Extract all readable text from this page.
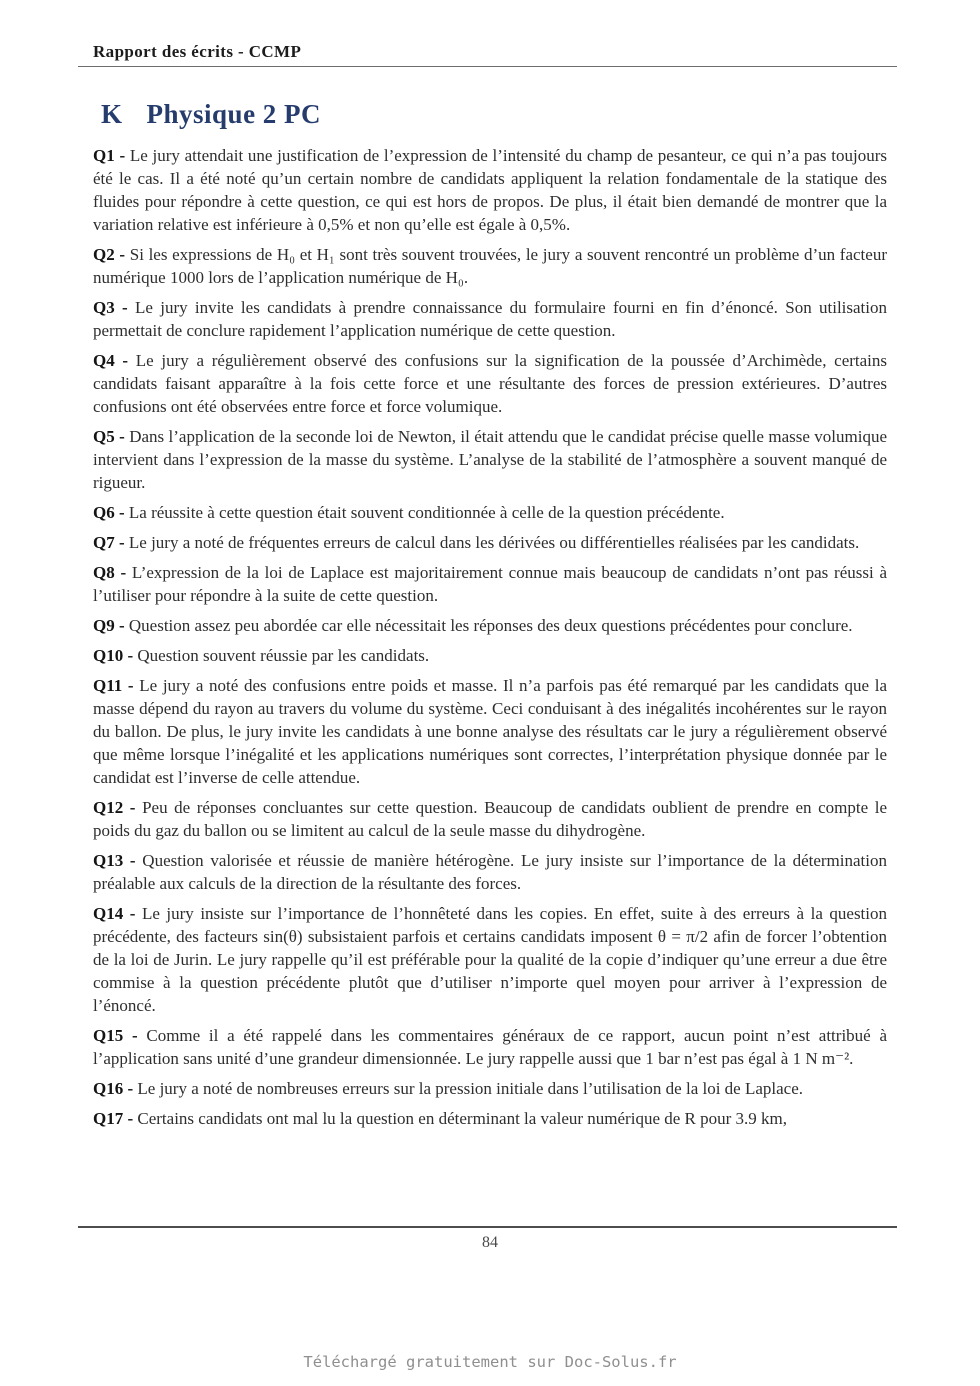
Rapport des écrits - CCMP
K Physique 2 PC

Q1 - Le jury attendait une justification de l’expression de l’intensité du champ de pesanteur, ce qui n’a pas toujours été le cas. Il a été noté qu’un certain nombre de candidats appliquent la relation fondamentale de la statique des fluides pour répondre à cette question, ce qui est hors de propos. De plus, il était bien demandé de montrer que la variation relative est inférieure à 0,5% et non qu’elle est égale à 0,5%.

Q2 - Si les expressions de H₀ et H₁ sont très souvent trouvées, le jury a souvent rencontré un problème d’un facteur numérique 1000 lors de l’application numérique de H₀.

Q3 - Le jury invite les candidats à prendre connaissance du formulaire fourni en fin d’énoncé. Son utilisation permettait de conclure rapidement l’application numérique de cette question.

Q4 - Le jury a régulièrement observé des confusions sur la signification de la poussée d’Archimède, certains candidats faisant apparaître à la fois cette force et une résultante des forces de pression extérieures. D’autres confusions ont été observées entre force et force volumique.

Q5 - Dans l’application de la seconde loi de Newton, il était attendu que le candidat précise quelle masse volumique intervient dans l’expression de la masse du système. L’analyse de la stabilité de l’atmosphère a souvent manqué de rigueur.

Q6 - La réussite à cette question était souvent conditionnée à celle de la question précédente.

Q7 - Le jury a noté de fréquentes erreurs de calcul dans les dérivées ou différentielles réalisées par les candidats.

Q8 - L’expression de la loi de Laplace est majoritairement connue mais beaucoup de candidats n’ont pas réussi à l’utiliser pour répondre à la suite de cette question.

Q9 - Question assez peu abordée car elle nécessitait les réponses des deux questions précédentes pour conclure.

Q10 - Question souvent réussie par les candidats.

Q11 - Le jury a noté des confusions entre poids et masse. Il n’a parfois pas été remarqué par les candidats que la masse dépend du rayon au travers du volume du système. Ceci conduisant à des inégalités incohérentes sur le rayon du ballon. De plus, le jury invite les candidats à une bonne analyse des résultats car le jury a régulièrement observé que même lorsque l’inégalité et les applications numériques sont correctes, l’interprétation physique donnée par le candidat est l’inverse de celle attendue.

Q12 - Peu de réponses concluantes sur cette question. Beaucoup de candidats oublient de prendre en compte le poids du gaz du ballon ou se limitent au calcul de la seule masse du dihydrogène.

Q13 - Question valorisée et réussie de manière hétérogène. Le jury insiste sur l’importance de la détermination préalable aux calculs de la direction de la résultante des forces.

Q14 - Le jury insiste sur l’importance de l’honnêteté dans les copies. En effet, suite à des erreurs à la question précédente, des facteurs sin(θ) subsistaient parfois et certains candidats imposent θ = π/2 afin de forcer l’obtention de la loi de Jurin. Le jury rappelle qu’il est préférable pour la qualité de la copie d’indiquer qu’une erreur a due être commise à la question précédente plutôt que d’utiliser n’importe quel moyen pour arriver à l’expression de l’énoncé.

Q15 - Comme il a été rappelé dans les commentaires généraux de ce rapport, aucun point n’est attribué à l’application sans unité d’une grandeur dimensionnée. Le jury rappelle aussi que 1 bar n’est pas égal à 1 N m⁻².

Q16 - Le jury a noté de nombreuses erreurs sur la pression initiale dans l’utilisation de la loi de Laplace.

Q17 - Certains candidats ont mal lu la question en déterminant la valeur numérique de R pour 3.9 km,

84
Téléchargé gratuitement sur Doc-Solus.fr
